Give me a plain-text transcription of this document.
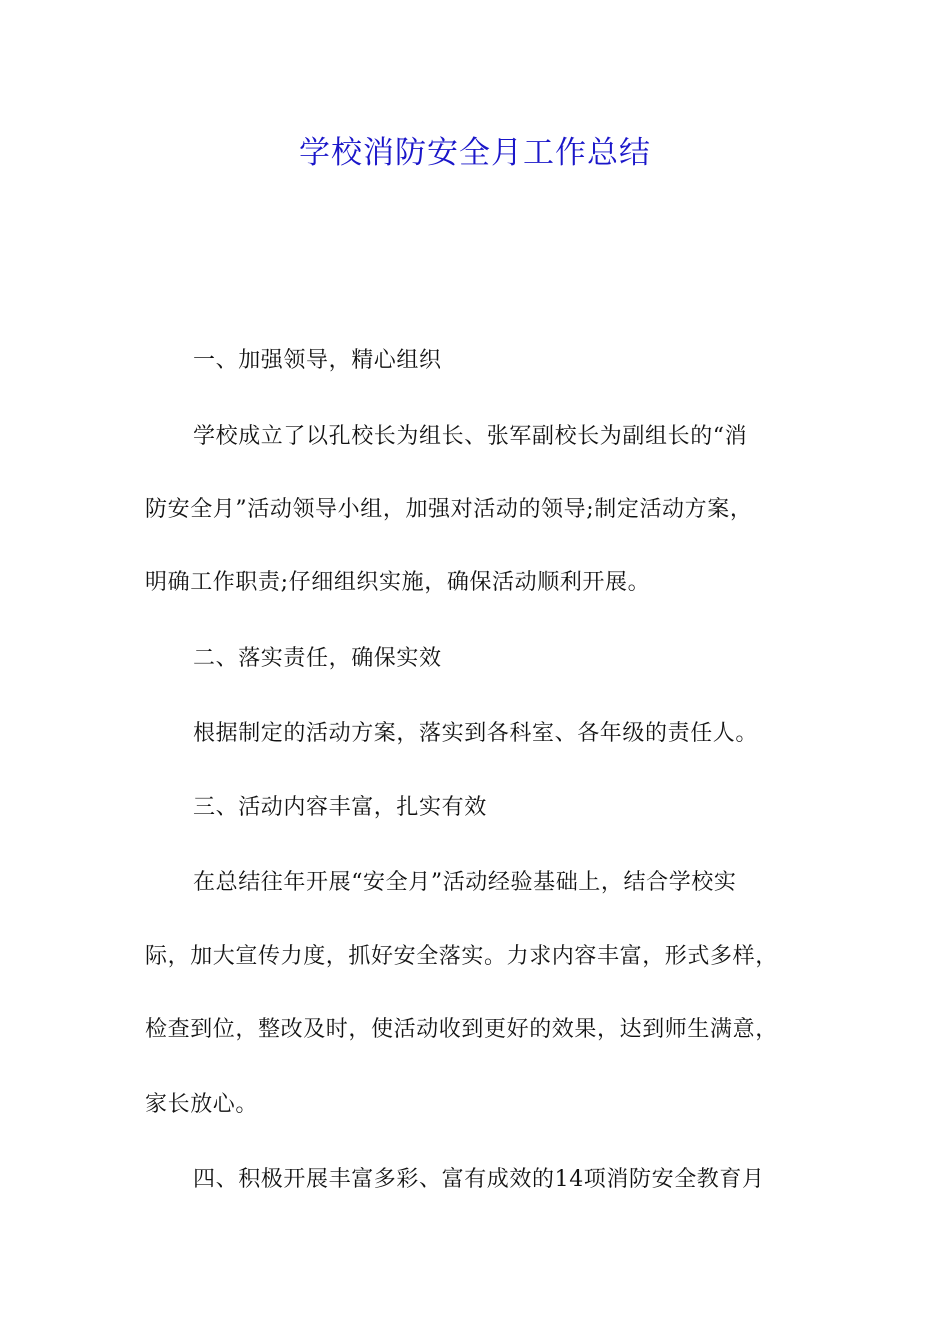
学校消防安全月工作总结

一、加强领导，精心组织

学校成立了以孔校长为组长、张军副校长为副组长的“消

防安全月”活动领导小组，加强对活动的领导;制定活动方案，

明确工作职责;仔细组织实施，确保活动顺利开展。

二、落实责任，确保实效

根据制定的活动方案，落实到各科室、各年级的责任人。

三、活动内容丰富，扎实有效

在总结往年开展“安全月”活动经验基础上，结合学校实

际，加大宣传力度，抓好安全落实。力求内容丰富，形式多样，

检查到位，整改及时，使活动收到更好的效果，达到师生满意，

家长放心。

四、积极开展丰富多彩、富有成效的14项消防安全教育月
